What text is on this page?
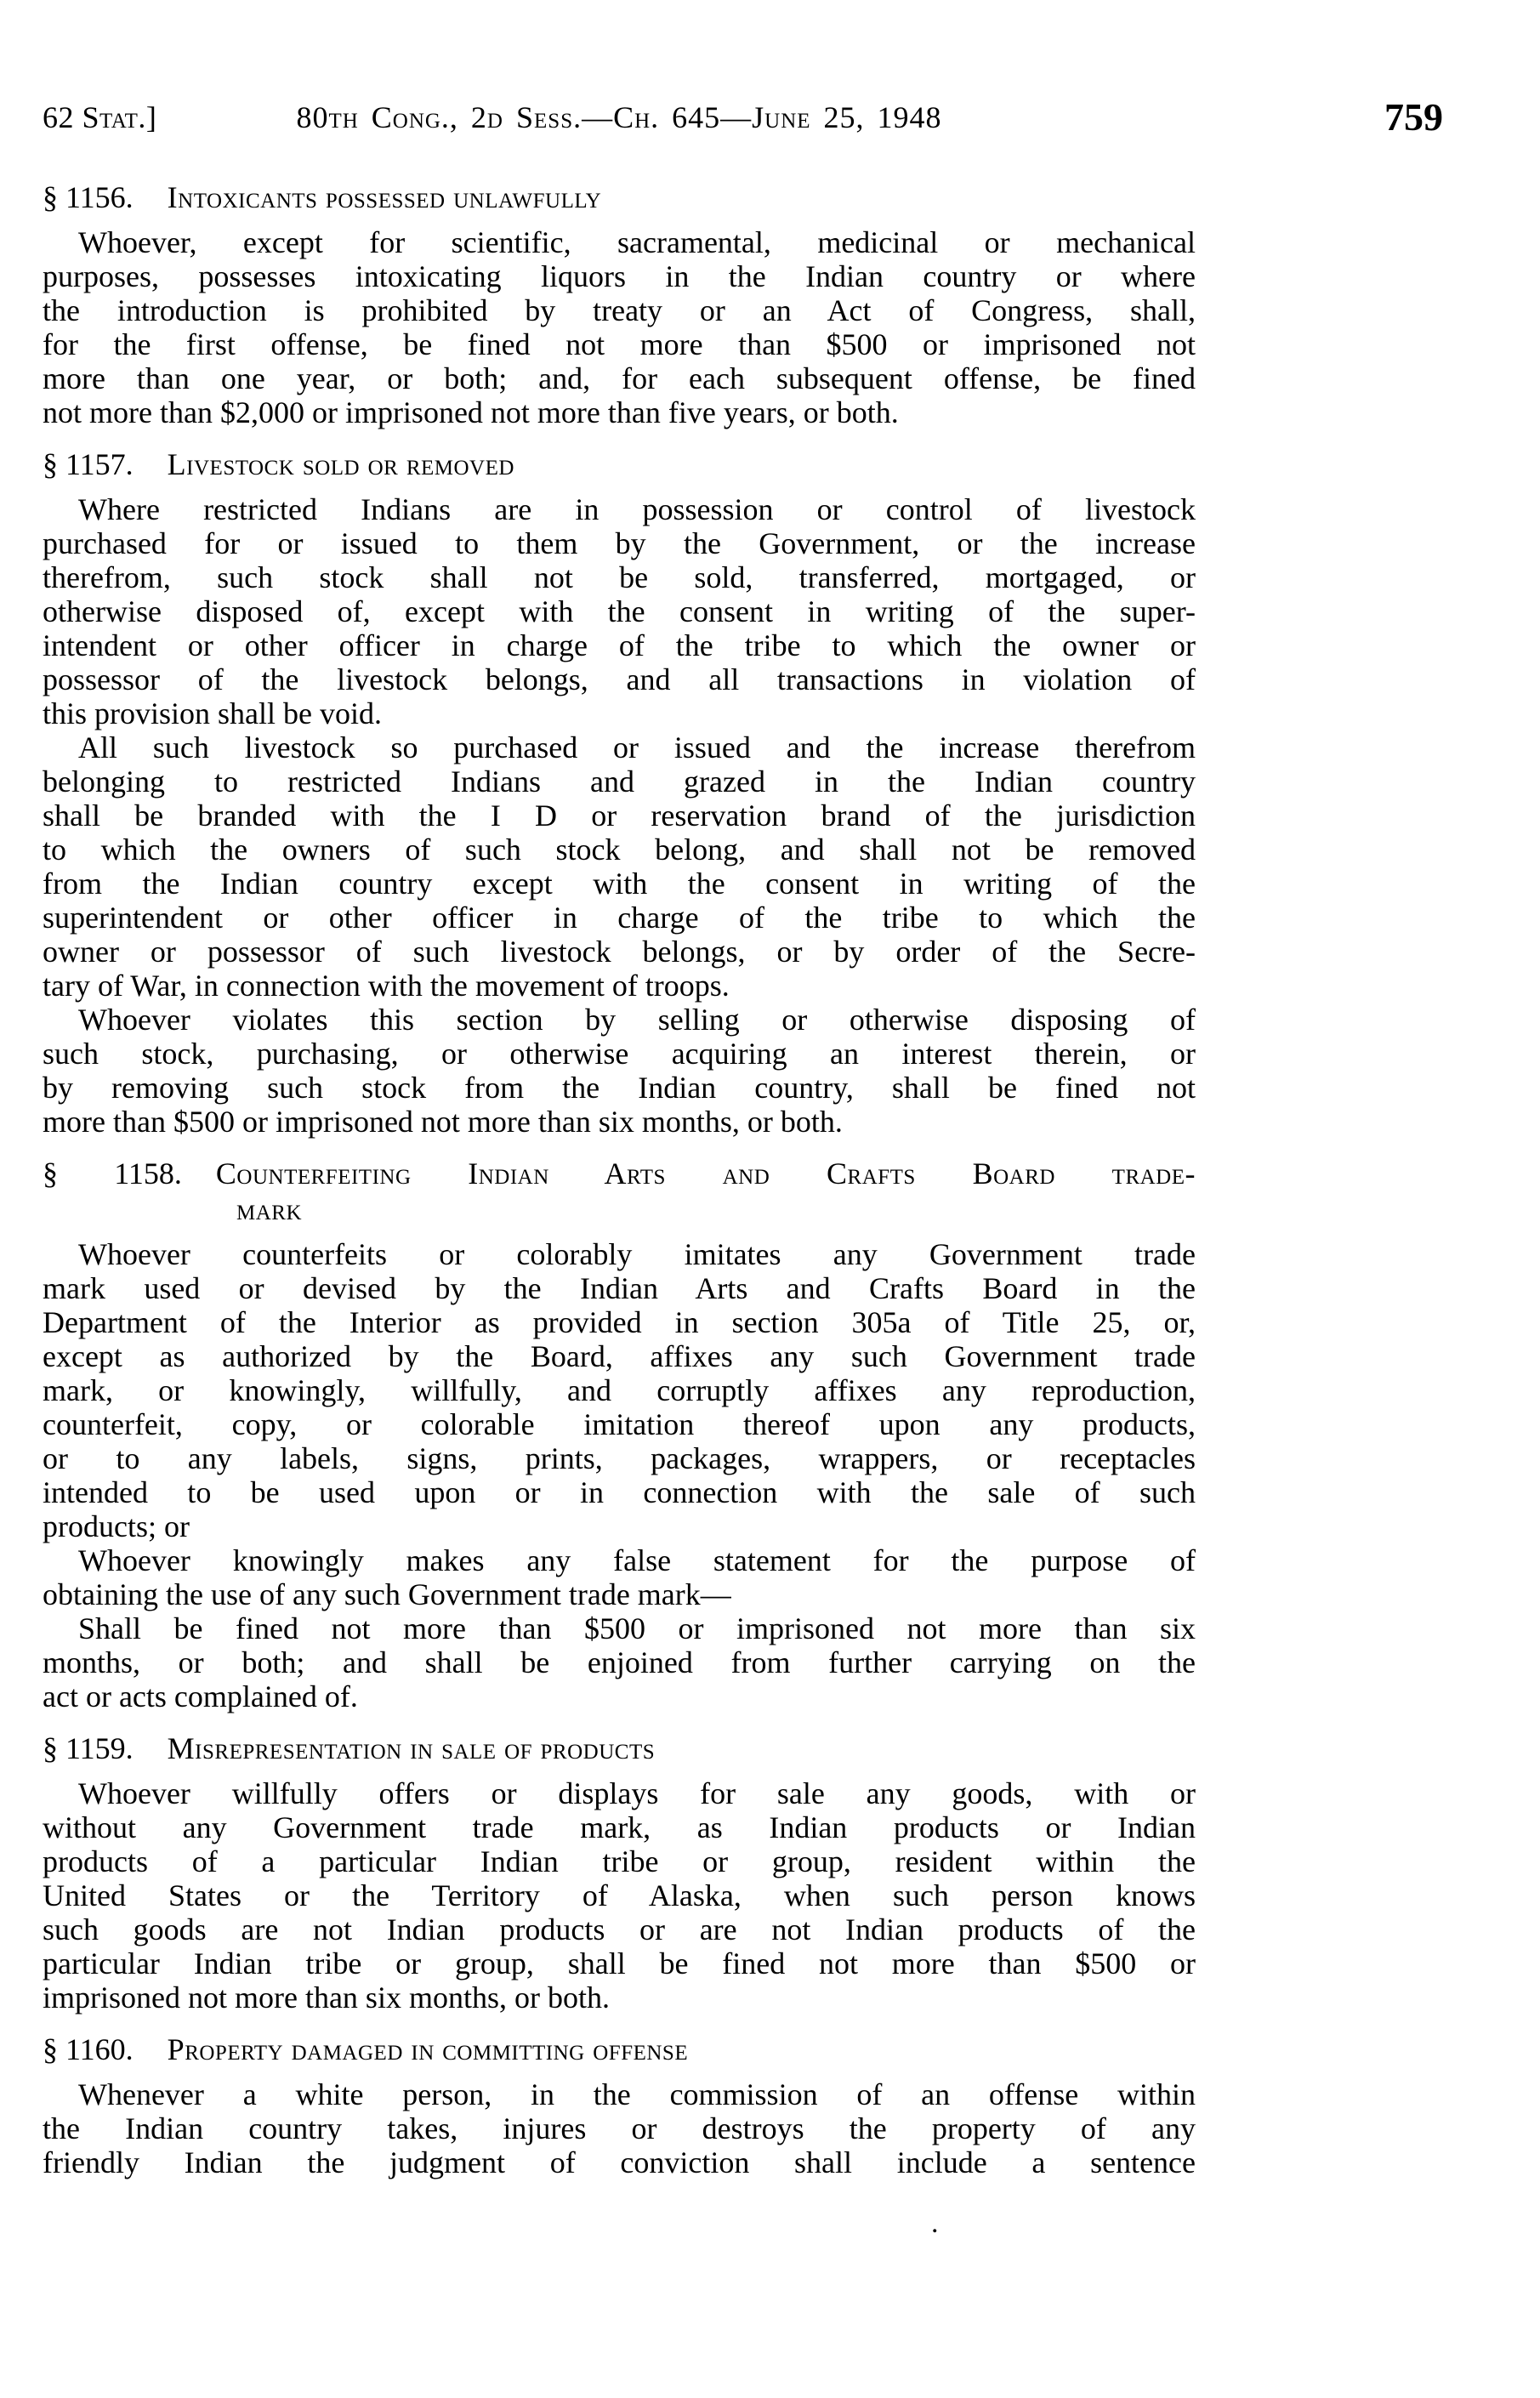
759
62 Stat.]	80th Cong., 2d Sess.—Ch. 645—June 25, 1948
§ 1156. Intoxicants possessed unlawfully
Whoever, except for scientific, sacramental, medicinal or mechanical
purposes, possesses intoxicating liquors in the Indian country or where
the introduction is prohibited by treaty or an Act of Congress, shall,
for the first offense, be fined not more than $500 or imprisoned not
more than one year, or both; and, for each subsequent offense, be fined
not more than $2,000 or imprisoned not more than five years, or both.
§ 1157. Livestock sold or removed
Where restricted Indians are in possession or control of livestock
purchased for or issued to them by the Government, or the increase
therefrom, such stock shall not be sold, transferred, mortgaged, or
otherwise disposed of, except with the consent in writing of the super-
intendent or other officer in charge of the tribe to which the owner or
possessor of the livestock belongs, and all transactions in violation of
this provision shall be void.
All such livestock so purchased or issued and the increase therefrom
belonging to restricted Indians and grazed in the Indian country
shall be branded with the I D or reservation brand of the jurisdiction
to which the owners of such stock belong, and shall not be removed
from the Indian country except with the consent in writing of the
superintendent or other officer in charge of the tribe to which the
owner or possessor of such livestock belongs, or by order of the Secre-
tary of War, in connection with the movement of troops.
Whoever violates this section by selling or otherwise disposing of
such stock, purchasing, or otherwise acquiring an interest therein, or
by removing such stock from the Indian country, shall be fined not
more than $500 or imprisoned not more than six months, or both.
§ 1158. Counterfeiting Indian Arts and Crafts Board trade-
mark
Whoever counterfeits or colorably imitates any Government trade
mark used or devised by the Indian Arts and Crafts Board in the
Department of the Interior as provided in section 305a of Title 25, or,
except as authorized by the Board, affixes any such Government trade
mark, or knowingly, willfully, and corruptly affixes any reproduction,
counterfeit, copy, or colorable imitation thereof upon any products,
or to any labels, signs, prints, packages, wrappers, or receptacles
intended to be used upon or in connection with the sale of such
products; or
Whoever knowingly makes any false statement for the purpose of
obtaining the use of any such Government trade mark—
Shall be fined not more than $500 or imprisoned not more than six
months, or both; and shall be enjoined from further carrying on the
act or acts complained of.
§ 1159. Misrepresentation in sale of products
Whoever willfully offers or displays for sale any goods, with or
without any Government trade mark, as Indian products or Indian
products of a particular Indian tribe or group, resident within the
United States or the Territory of Alaska, when such person knows
such goods are not Indian products or are not Indian products of the
particular Indian tribe or group, shall be fined not more than $500 or
imprisoned not more than six months, or both.
§ 1160. Property damaged in committing offense
Whenever a white person, in the commission of an offense within
the Indian country takes, injures or destroys the property of any
friendly Indian the judgment of conviction shall include a sentence
.
